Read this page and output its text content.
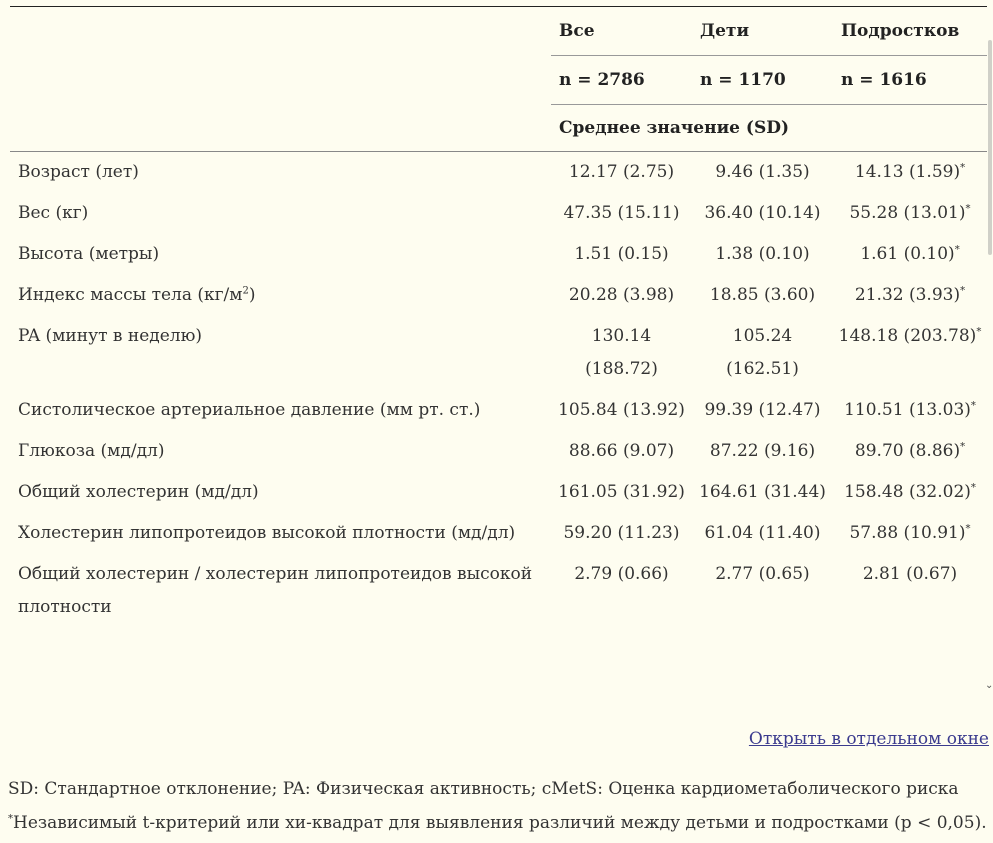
	Все	Дети	Подростков
	n = 2786	n = 1170	n = 1616
	Среднее значение (SD)		
Возраст (лет)	12.17 (2.75)	9.46 (1.35)	14.13 (1.59)*
Вес (кг)	47.35 (15.11)	36.40 (10.14)	55.28 (13.01)*
Высота (метры)	1.51 (0.15)	1.38 (0.10)	1.61 (0.10)*
Индекс массы тела $(кг/м^2)$	20.28 (3.98)	18.85 (3.60)	21.32 (3.93)*
PA (минут в неделю)	130.14 (188.72)	105.24 (162.51)	148.18 (203.78)*
Систолическое артериальное давление (мм рт. ст.)	105.84 (13.92)	99.39 (12.47)	110.51 (13.03)*
Глюкоза (мд/дл)	88.66 (9.07)	87.22 (9.16)	89.70 (8.86)*
Общий холестерин (мд/дл)	161.05 (31.92)	164.61 (31.44)	158.48 (32.02)*
Холестерин липопротеидов высокой плотности (мд/дл)	59.20 (11.23)	61.04 (11.40)	57.88 (10.91)*
Общий холестерин / холестерин липопротеидов высокой плотности	2.79 (0.66)	2.77 (0.65)	2.81 (0.67)
⌄
Открыть в отдельном окне
SD: Стандартное отклонение; PA: Физическая активность; cMetS: Оценка кардиометаболического риска
*Независимый t-критерий или хи-квадрат для выявления различий между детьми и подростками (p < 0,05).
